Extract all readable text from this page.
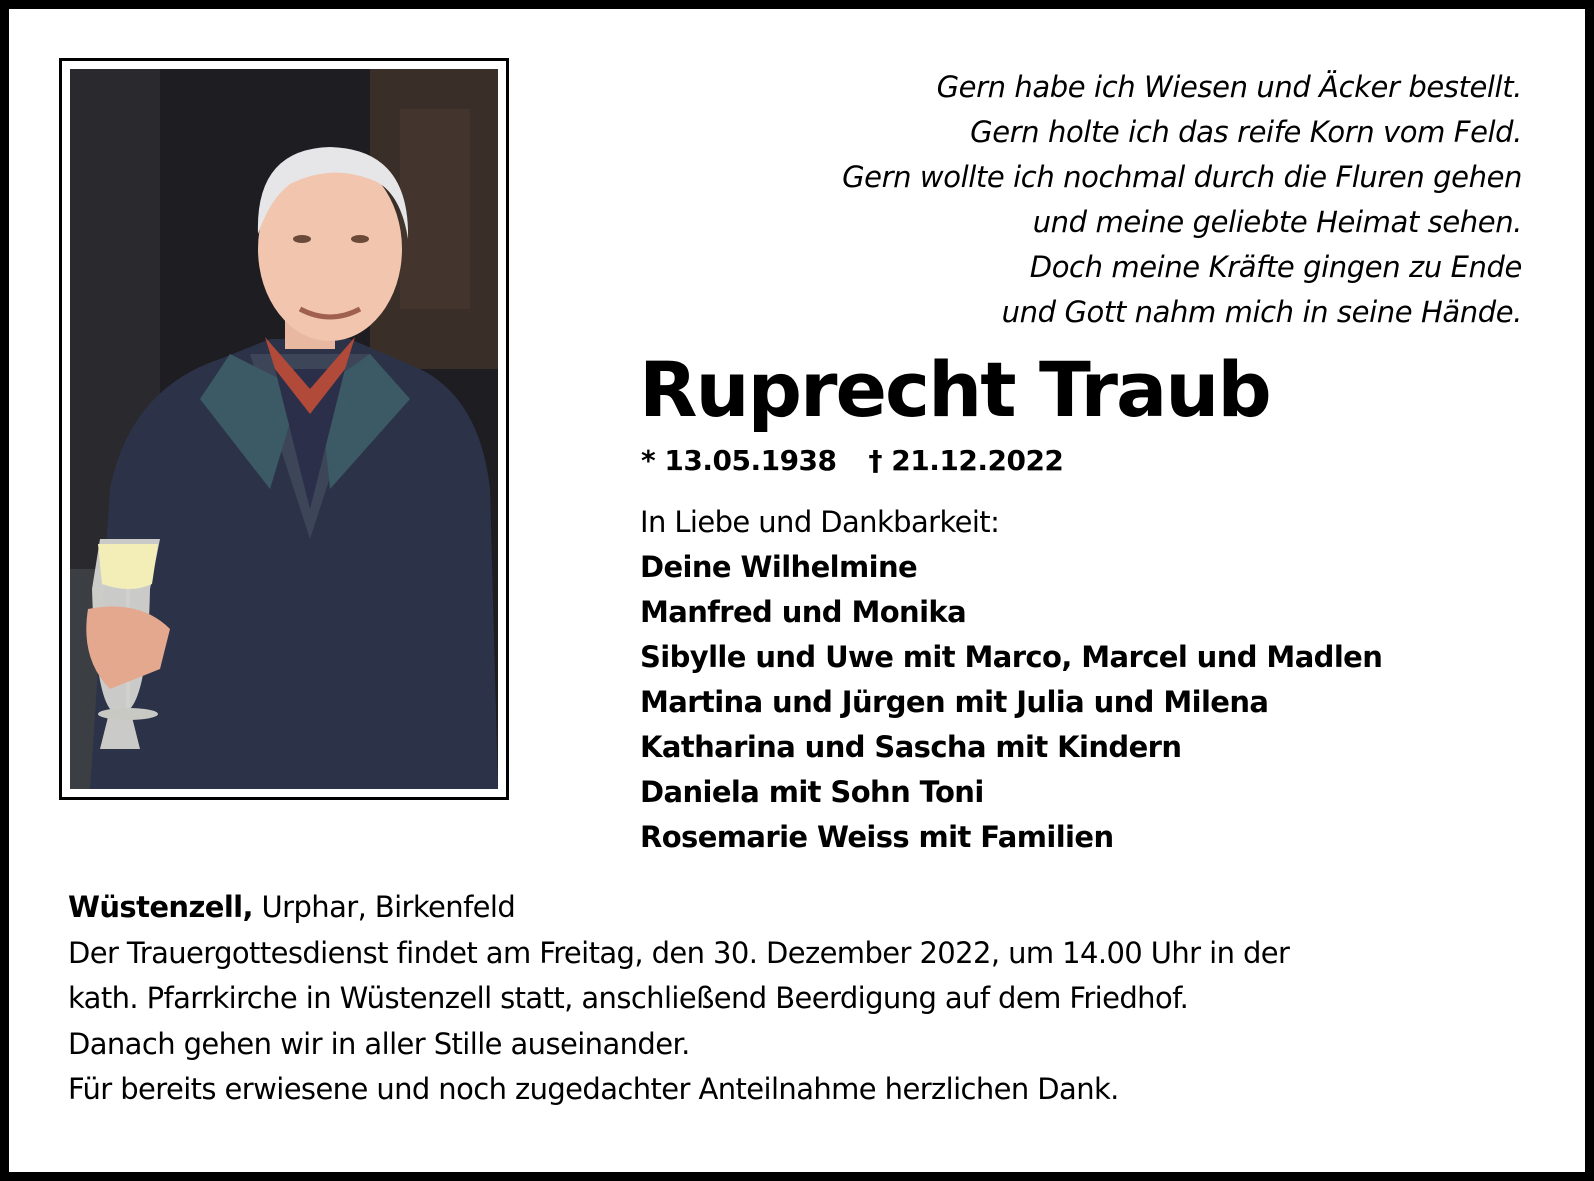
Gern habe ich Wiesen und Äcker bestellt.
Gern holte ich das reife Korn vom Feld.
Gern wollte ich nochmal durch die Fluren gehen
und meine geliebte Heimat sehen.
Doch meine Kräfte gingen zu Ende
und Gott nahm mich in seine Hände.
Ruprecht Traub
* 13.05.1938 † 21.12.2022
In Liebe und Dankbarkeit:
Deine Wilhelmine
Manfred und Monika
Sibylle und Uwe mit Marco, Marcel und Madlen
Martina und Jürgen mit Julia und Milena
Katharina und Sascha mit Kindern
Daniela mit Sohn Toni
Rosemarie Weiss mit Familien
Wüstenzell, Urphar, Birkenfeld
Der Trauergottesdienst findet am Freitag, den 30. Dezember 2022, um 14.00 Uhr in der
kath. Pfarrkirche in Wüstenzell statt, anschließend Beerdigung auf dem Friedhof.
Danach gehen wir in aller Stille auseinander.
Für bereits erwiesene und noch zugedachter Anteilnahme herzlichen Dank.
